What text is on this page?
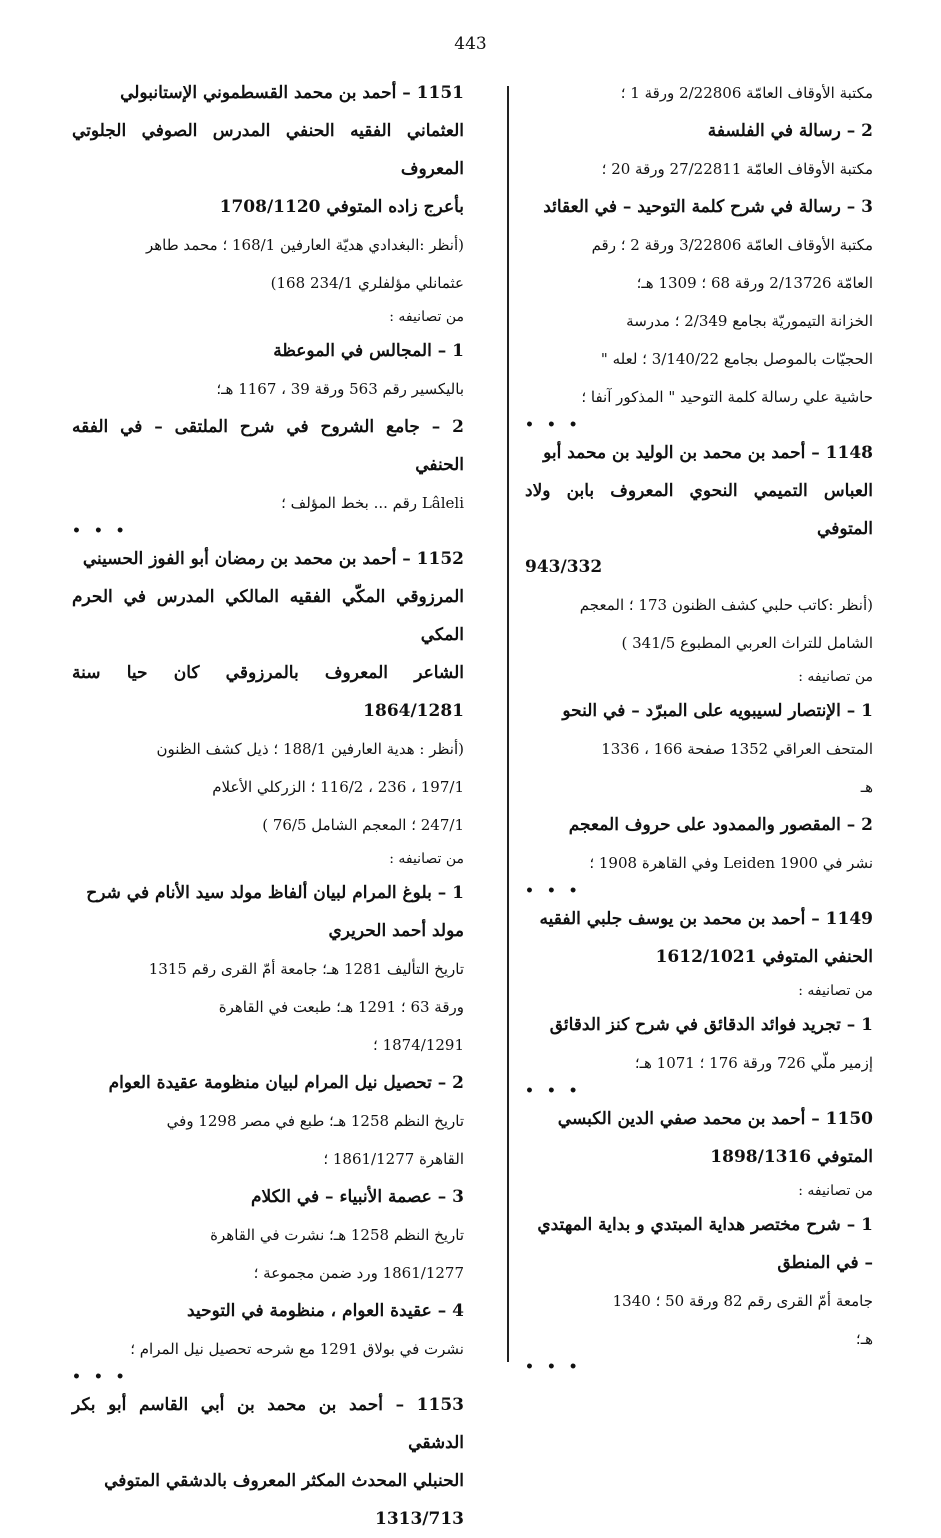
443

مكتبة الأوقاف العامّة 2/22806 ورقة 1 ؛

2 – رسالة في الفلسفة

مكتبة الأوقاف العامّة 27/22811 ورقة 20 ؛

3 – رسالة في شرح كلمة التوحيد – في العقائد

مكتبة الأوقاف العامّة 3/22806 ورقة 2 ؛ رقم

العامّة 2/13726 ورقة 68 ؛ 1309 هـ؛

الخزانة التيموريّة بجامع 2/349 ؛ مدرسة

الحجيّات بالموصل بجامع 3/140/22 ؛ لعله "

حاشية علي رسالة كلمة التوحيد " المذكور آنفا ؛

• • •

1148 – أحمد بن محمد بن الوليد بن محمد أبو

العباس التميمي النحوي المعروف بابن ولاد المتوفي

943/332

(أنظر :كاتب حلبي كشف الظنون 173 ؛ المعجم

الشامل للتراث العربي المطبوع 341/5 )

من تصانيفه :

1 – الإنتصار لسيبويه على المبرّد – في النحو

المتحف العراقي 1352 صفحة 166 ، 1336

هـ

2 – المقصور والممدود على حروف المعجم

نشر في Leiden 1900 وفي القاهرة 1908 ؛

• • •

1149 – أحمد بن محمد بن يوسف جلبي الفقيه

الحنفي المتوفي 1612/1021

من تصانيفه :

1 – تجريد فوائد الدقائق في شرح كنز الدقائق

إزمير ملّي 726 ورقة 176 ؛ 1071 هـ؛

• • •

1150 – أحمد بن محمد صفي الدين الكبسي

المتوفي 1898/1316

من تصانيفه :

1 – شرح مختصر هداية المبتدي و بداية المهتدي

– في المنطق

جامعة أمّ القرى رقم 82 ورقة 50 ؛ 1340

هـ؛

• • •

1151 – أحمد بن محمد القسطموني الإستانبولي

العثماني الفقيه الحنفي المدرس الصوفي الجلوتي المعروف

بأعرج زاده المتوفي 1708/1120

(أنظر :البغدادي هديّة العارفين 168/1 ؛ محمد طاهر

عثمانلي مؤلفلري 234/1 168)

من تصانيفه :

1 – المجالس في الموعظة

باليكسير رقم 563 ورقة 39 ، 1167 هـ؛

2 – جامع الشروح في شرح الملتقى – في الفقه الحنفي

Lâleli رقم ... بخط المؤلف ؛

• • •

1152 – أحمد بن محمد بن رمضان أبو الفوز الحسيني

المرزوقي المكّي الفقيه المالكي المدرس في الحرم المكي

الشاعر المعروف بالمرزوقي كان حيا سنة 1864/1281

(أنظر : هدية العارفين 188/1 ؛ ذيل كشف الظنون

197/1 ، 236 ، 116/2 ؛ الزركلي الأعلام

247/1 ؛ المعجم الشامل 76/5 )

من تصانيفه :

1 – بلوغ المرام لبيان ألفاظ مولد سيد الأنام في شرح

مولد أحمد الحريري

تاريخ التأليف 1281 هـ؛ جامعة أمّ القرى رقم 1315

ورقة 63 ؛ 1291 هـ؛ طبعت في القاهرة

1874/1291 ؛

2 – تحصيل نيل المرام لبيان منظومة عقيدة العوام

تاريخ النظم 1258 هـ؛ طبع في مصر 1298 وفي

القاهرة 1861/1277 ؛

3 – عصمة الأنبياء – في الكلام

تاريخ النظم 1258 هـ؛ نشرت في القاهرة

1861/1277 ورد ضمن مجموعة ؛

4 – عقيدة العوام ، منظومة في التوحيد

نشرت في بولاق 1291 مع شرحه تحصيل نيل المرام ؛

• • •

1153 – أحمد بن محمد بن أبي القاسم أبو بكر الدشقي

الحنبلي المحدث المكثر المعروف بالدشقي المتوفي

1313/713
